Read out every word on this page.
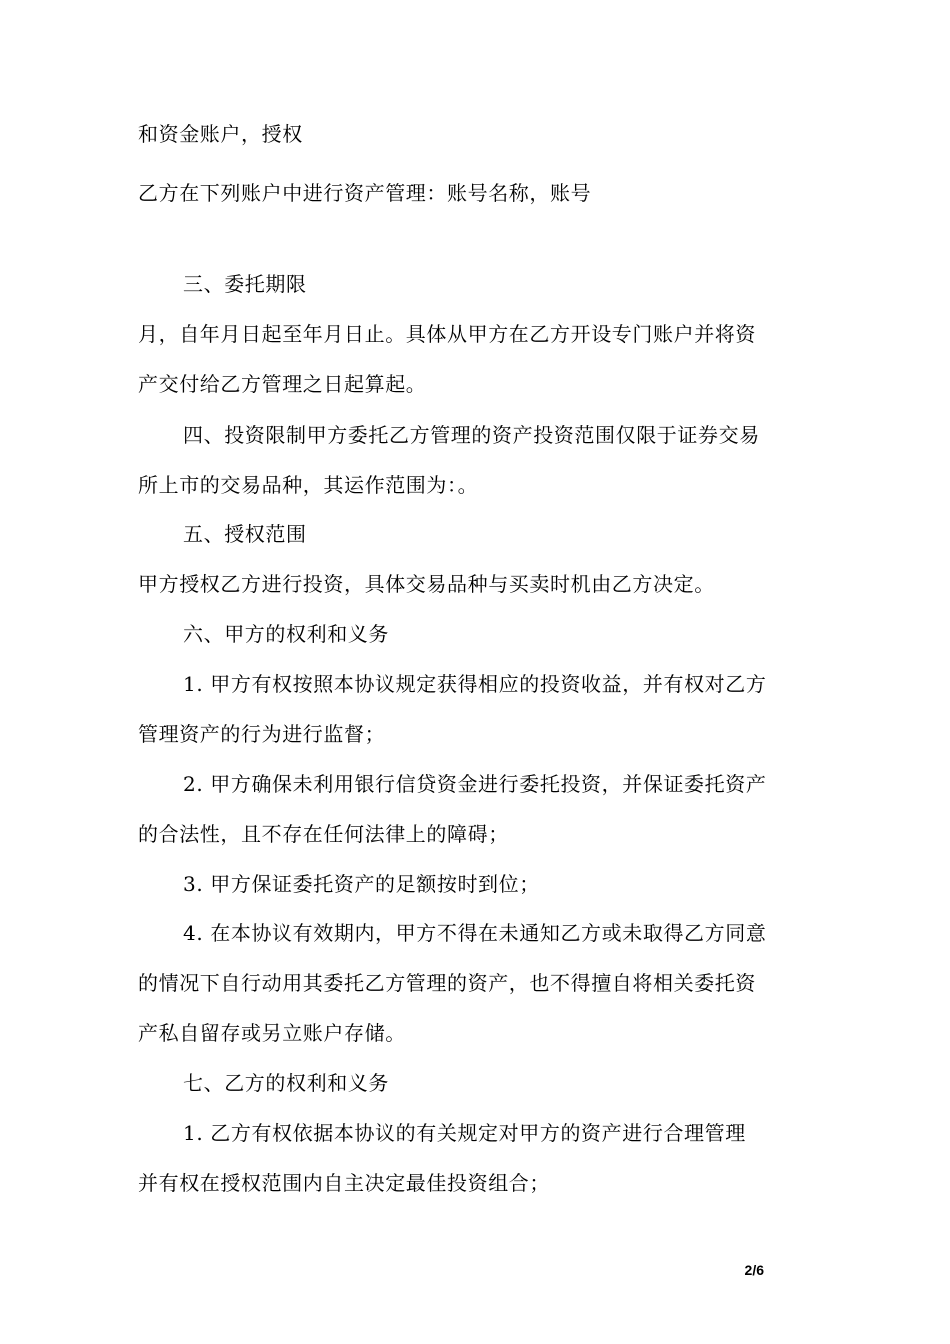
和资金账户，授权
乙方在下列账户中进行资产管理：账号名称，账号
三、委托期限
月，自年月日起至年月日止。具体从甲方在乙方开设专门账户并将资
产交付给乙方管理之日起算起。
四、投资限制甲方委托乙方管理的资产投资范围仅限于证券交易
所上市的交易品种，其运作范围为：。
五、授权范围
甲方授权乙方进行投资，具体交易品种与买卖时机由乙方决定。
六、甲方的权利和义务
1. 甲方有权按照本协议规定获得相应的投资收益，并有权对乙方
管理资产的行为进行监督；
2. 甲方确保未利用银行信贷资金进行委托投资，并保证委托资产
的合法性，且不存在任何法律上的障碍；
3. 甲方保证委托资产的足额按时到位；
4. 在本协议有效期内，甲方不得在未通知乙方或未取得乙方同意
的情况下自行动用其委托乙方管理的资产，也不得擅自将相关委托资
产私自留存或另立账户存储。
七、乙方的权利和义务
1. 乙方有权依据本协议的有关规定对甲方的资产进行合理管理
并有权在授权范围内自主决定最佳投资组合；
2/6
